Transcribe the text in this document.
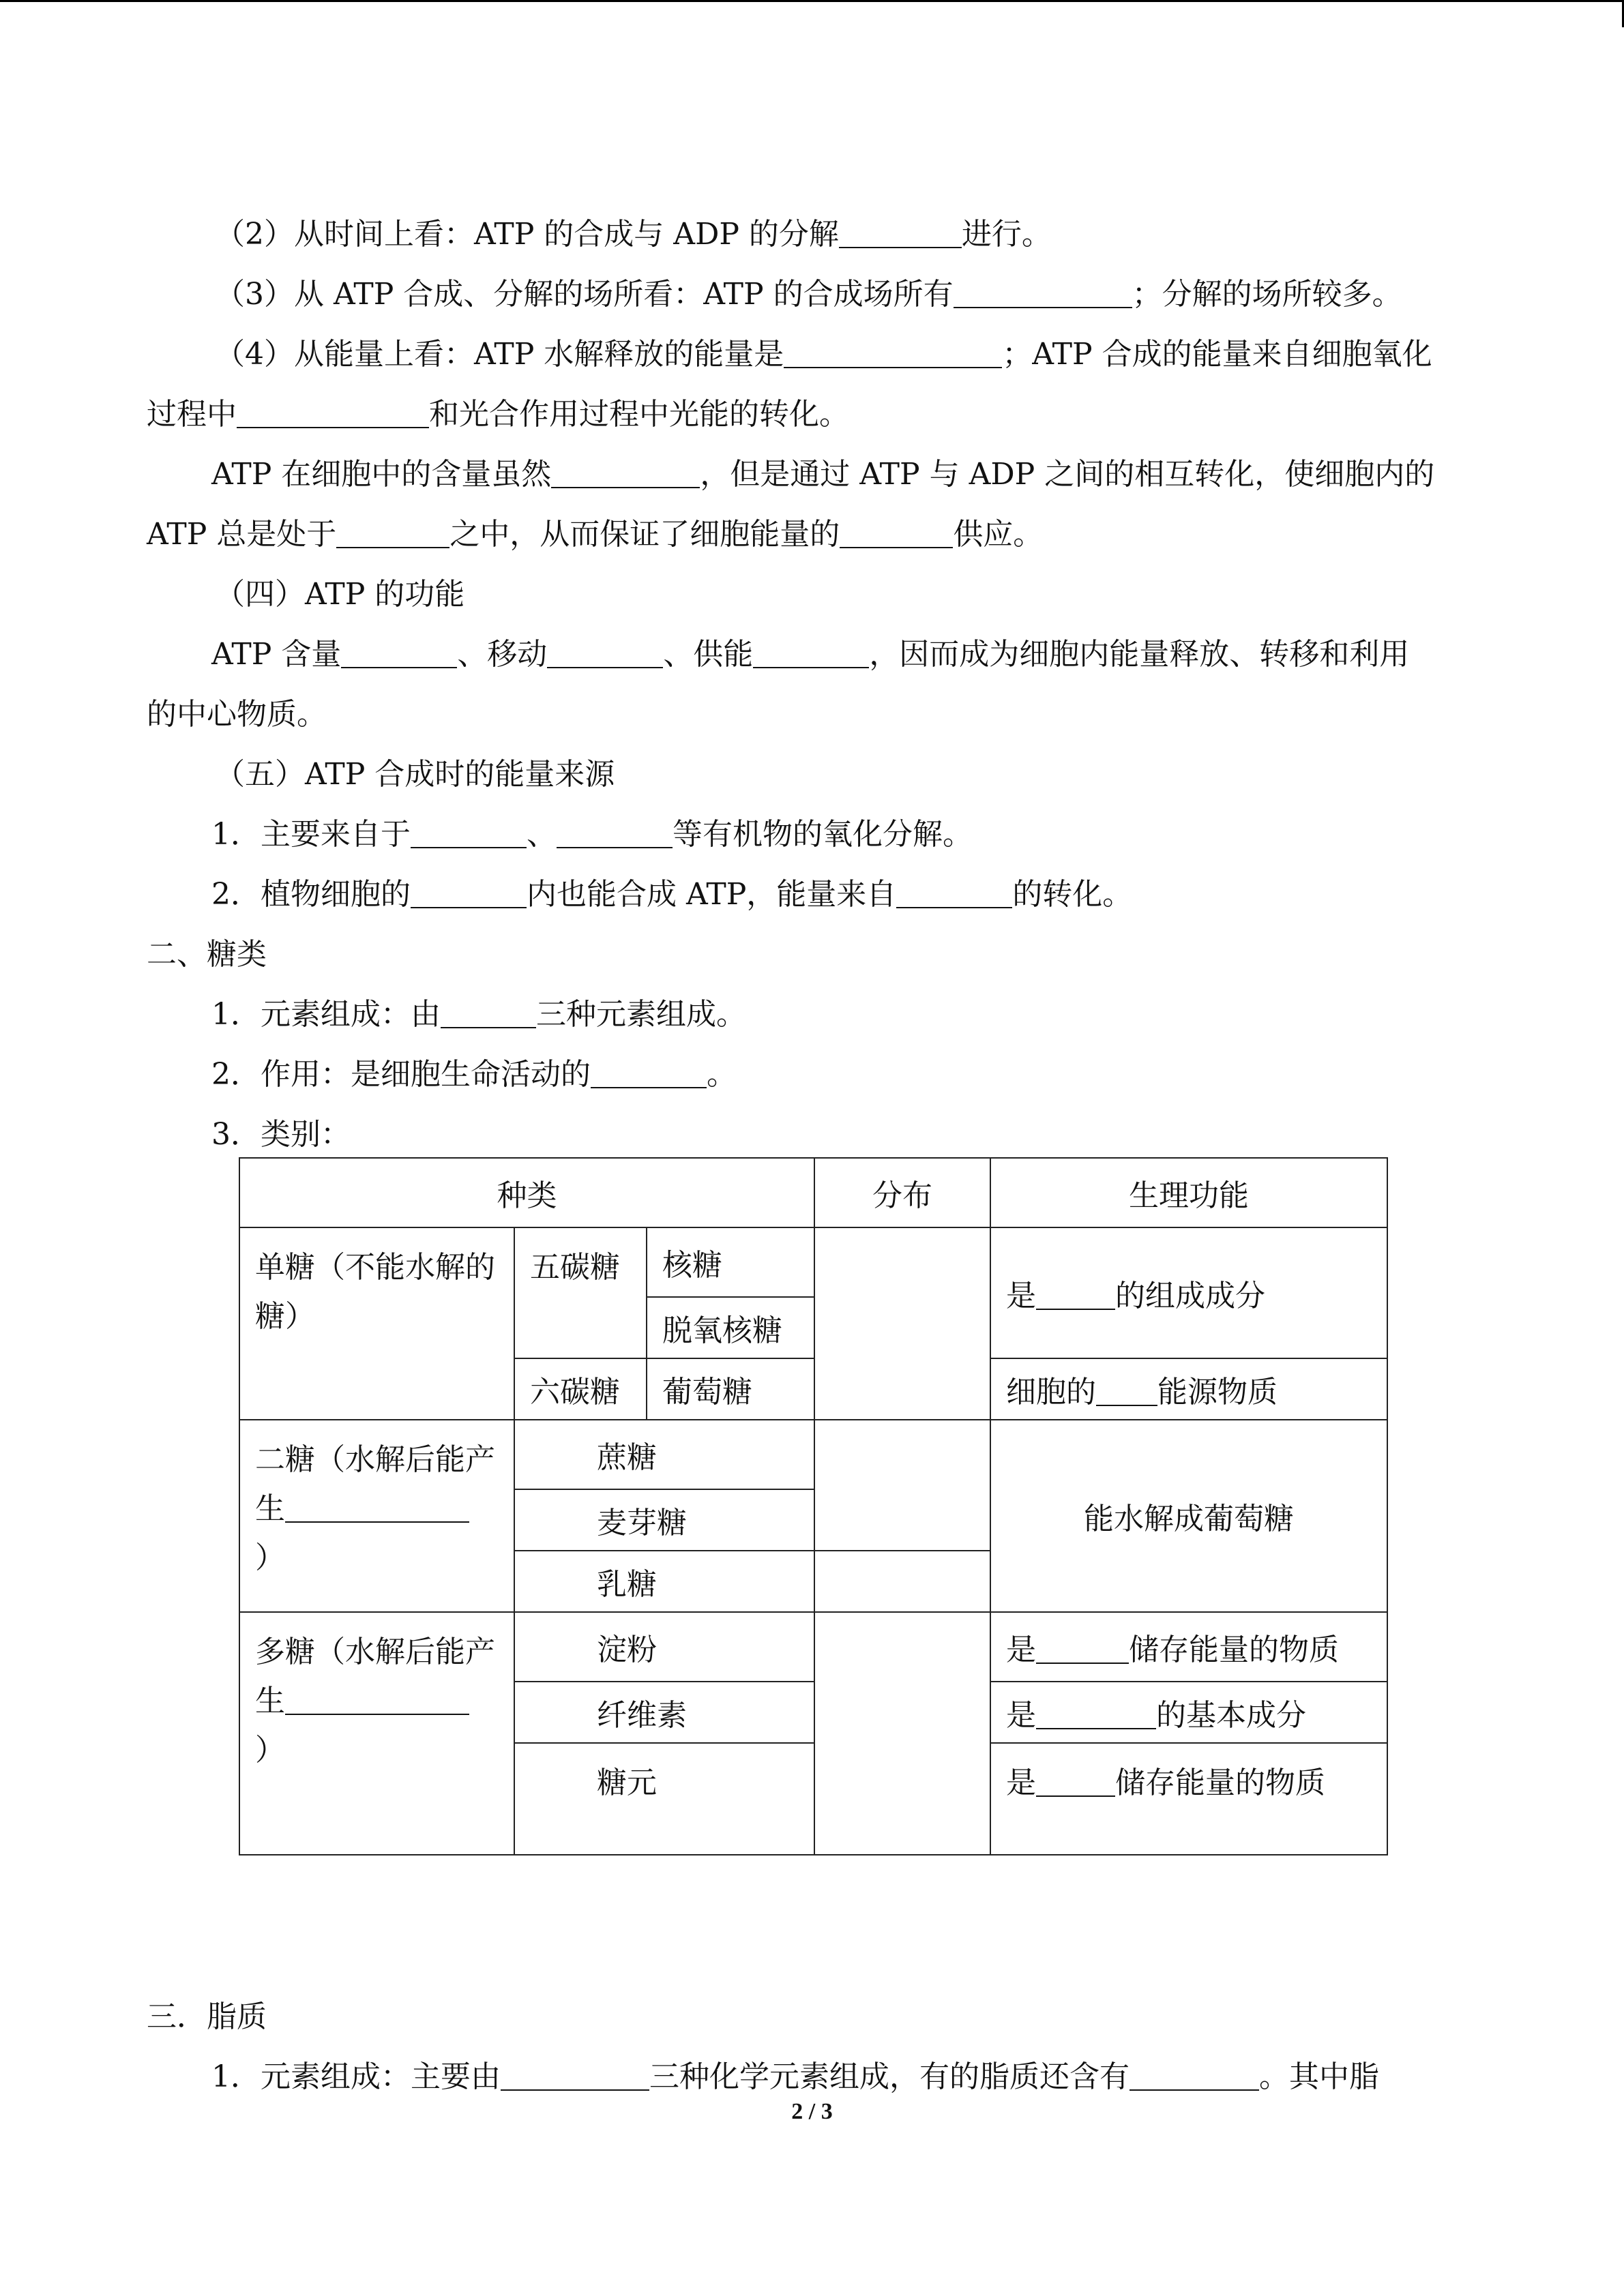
（2）从时间上看：ATP 的合成与 ADP 的分解	进行。
（3）从 ATP 合成、分解的场所看：ATP 的合成场所有	；分解的场所较多。
（4）从能量上看：ATP 水解释放的能量是	；ATP 合成的能量来自细胞氧化
过程中	和光合作用过程中光能的转化。
ATP 在细胞中的含量虽然	，但是通过 ATP 与 ADP 之间的相互转化，使细胞内的
ATP 总是处于	之中，从而保证了细胞能量的	供应。
（四）ATP 的功能
ATP 含量	、移动	、供能	，因而成为细胞内能量释放、转移和利用
的中心物质。
（五）ATP 合成时的能量来源
1．主要来自于	、	等有机物的氧化分解。
2．植物细胞的	内也能合成 ATP，能量来自	的转化。
二、糖类
1．元素组成：由	三种元素组成。
2．作用：是细胞生命活动的	。
3．类别：
种类			分布	生理功能
单糖（不能水解的糖）	五碳糖	核糖		是 的组成成分
		脱氧核糖		
	六碳糖	葡萄糖		细胞的 能源物质
二糖（水解后能产
生）	蔗糖			能水解成葡萄糖
	麦芽糖			
	乳糖			
多糖（水解后能产
生）	淀粉			是 储存能量的物质
	纤维素			是 的基本成分
	糖元			是 储存能量的物质
三．脂质
1．元素组成：主要由	三种化学元素组成，有的脂质还含有	。其中脂
2 / 3
